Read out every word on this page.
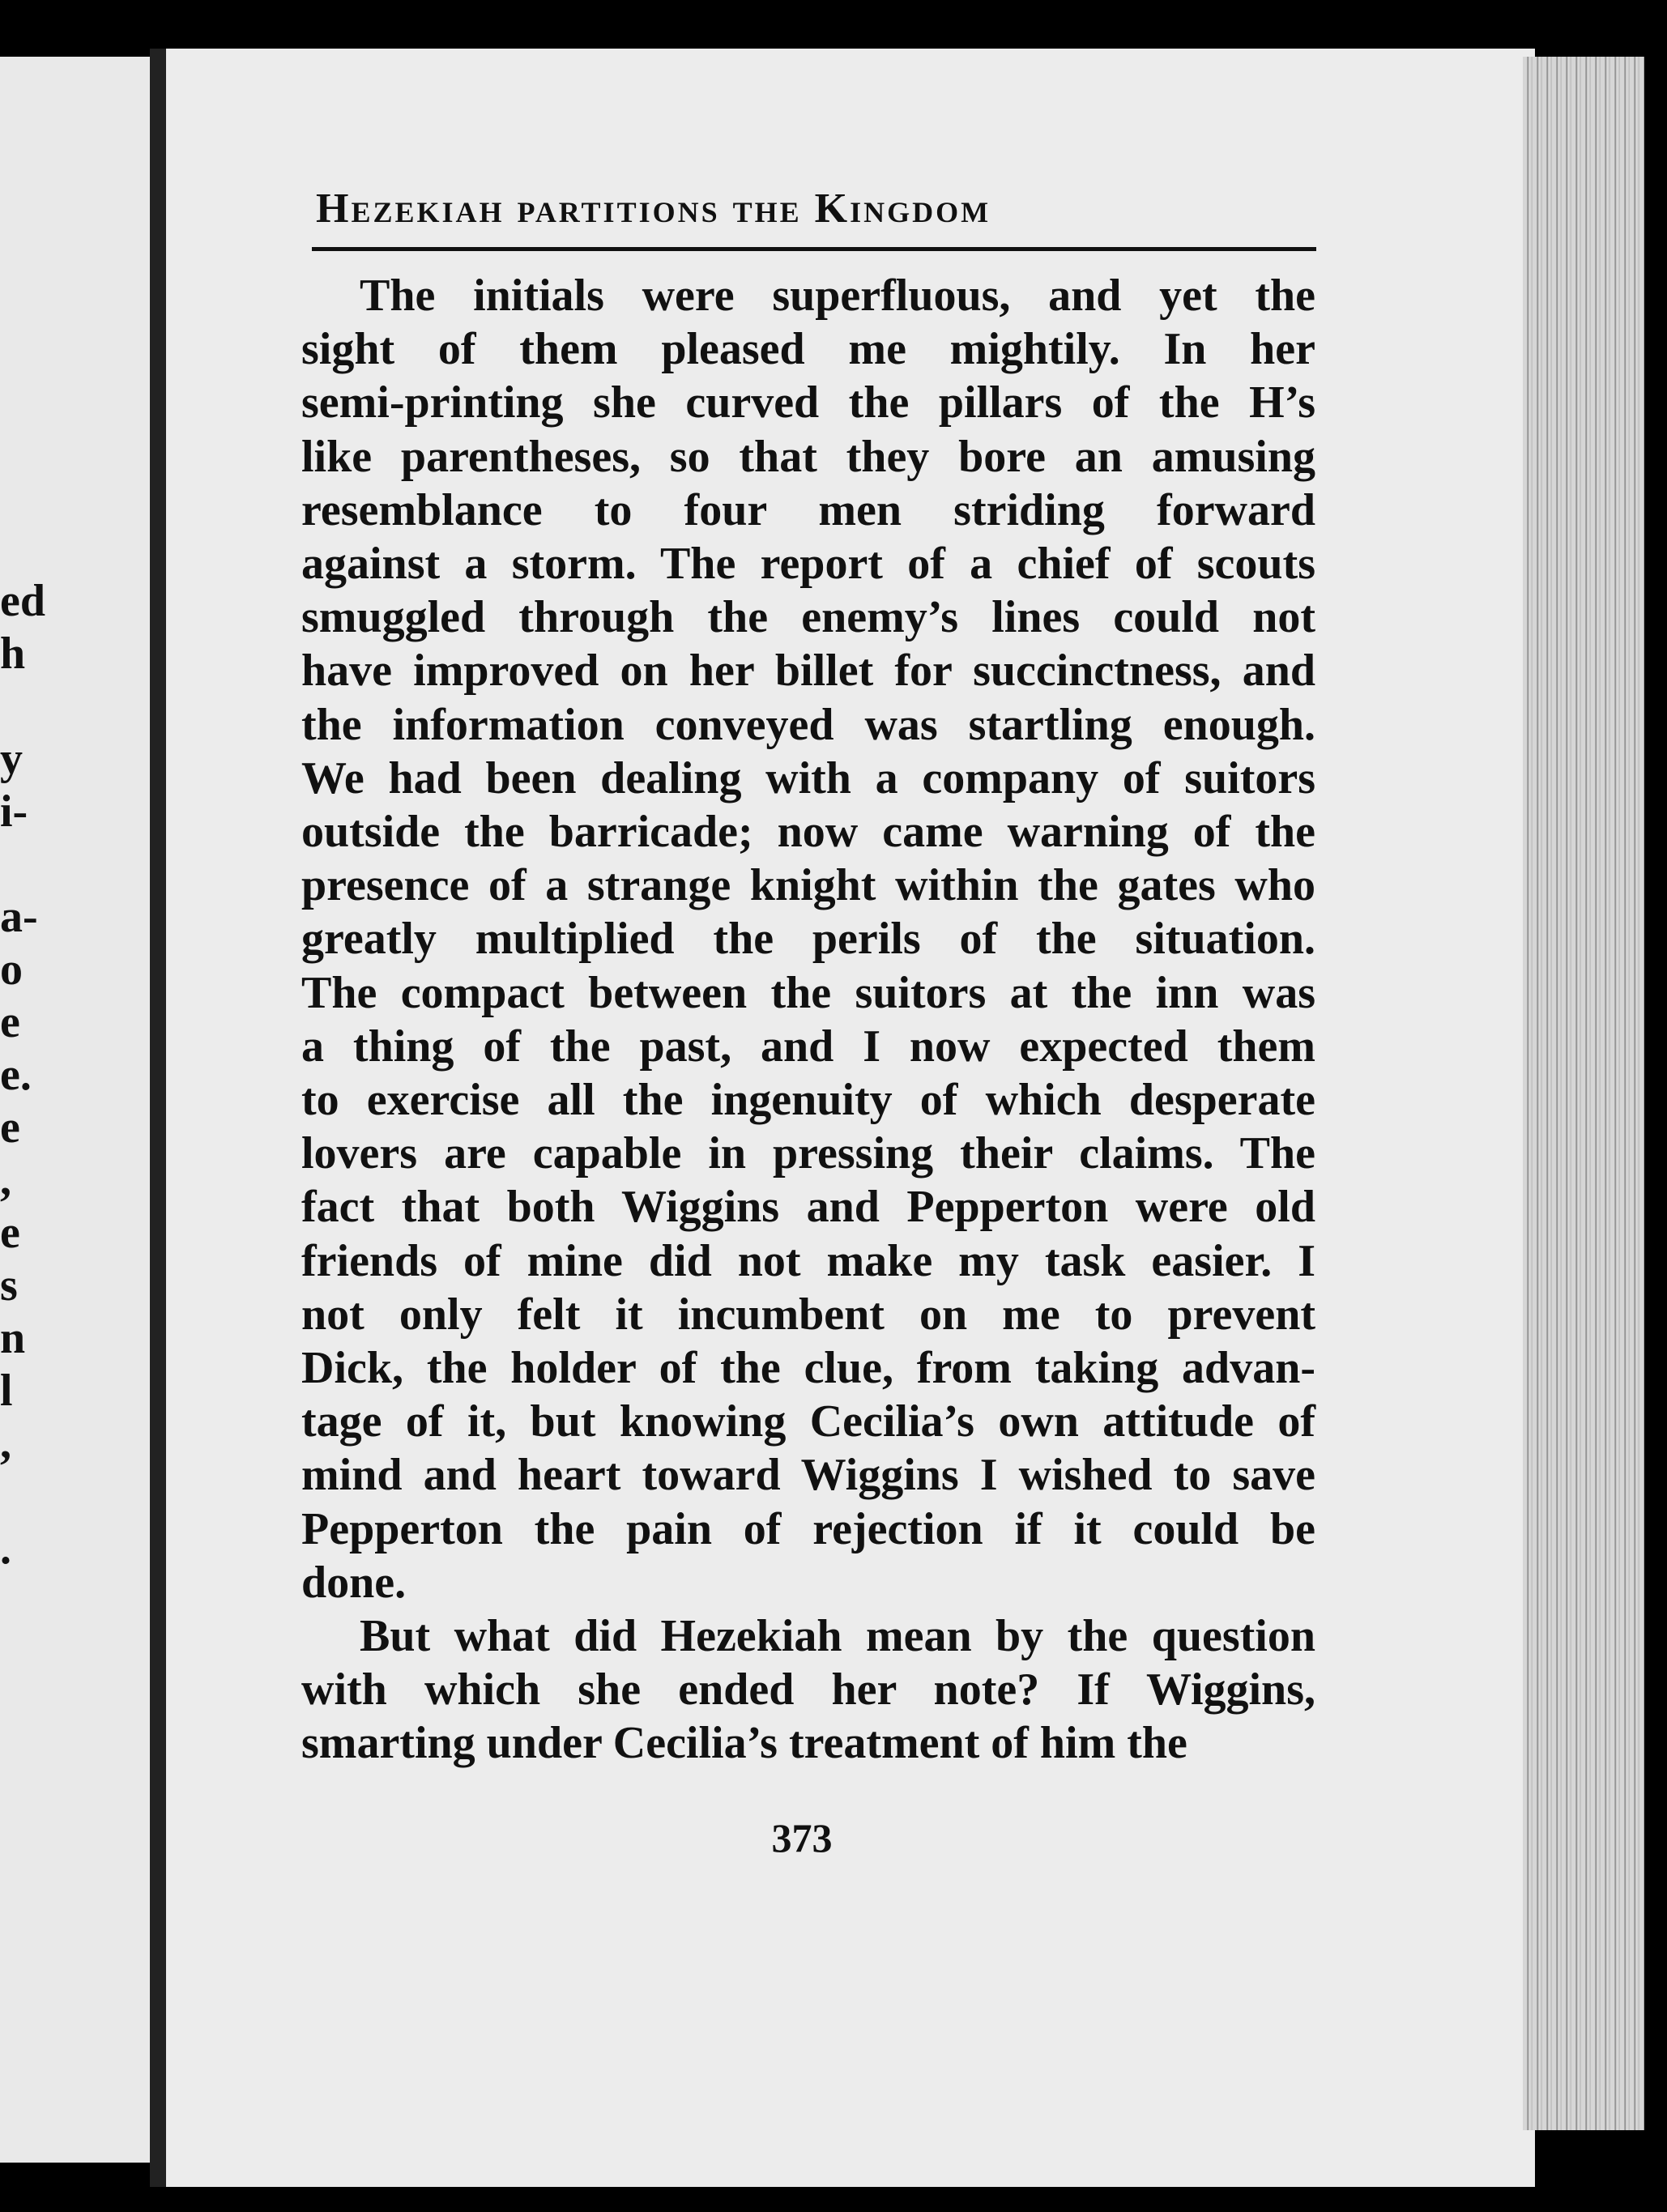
ed
h
y
i-
a-
o
e
e.
e
,
e
s
n
l
,
.
Hezekiah partitions the Kingdom

The initials were superfluous, and yet the
sight of them pleased me mightily. In her
semi-printing she curved the pillars of the H’s
like parentheses, so that they bore an amusing
resemblance to four men striding forward
against a storm. The report of a chief of scouts
smuggled through the enemy’s lines could not
have improved on her billet for succinctness, and
the information conveyed was startling enough.
We had been dealing with a company of suitors
outside the barricade; now came warning of the
presence of a strange knight within the gates who
greatly multiplied the perils of the situation.
The compact between the suitors at the inn was
a thing of the past, and I now expected them
to exercise all the ingenuity of which desperate
lovers are capable in pressing their claims. The
fact that both Wiggins and Pepperton were old
friends of mine did not make my task easier. I
not only felt it incumbent on me to prevent
Dick, the holder of the clue, from taking advan-
tage of it, but knowing Cecilia’s own attitude of
mind and heart toward Wiggins I wished to save
Pepperton the pain of rejection if it could be
done.

But what did Hezekiah mean by the question
with which she ended her note? If Wiggins,
smarting under Cecilia’s treatment of him the

373
